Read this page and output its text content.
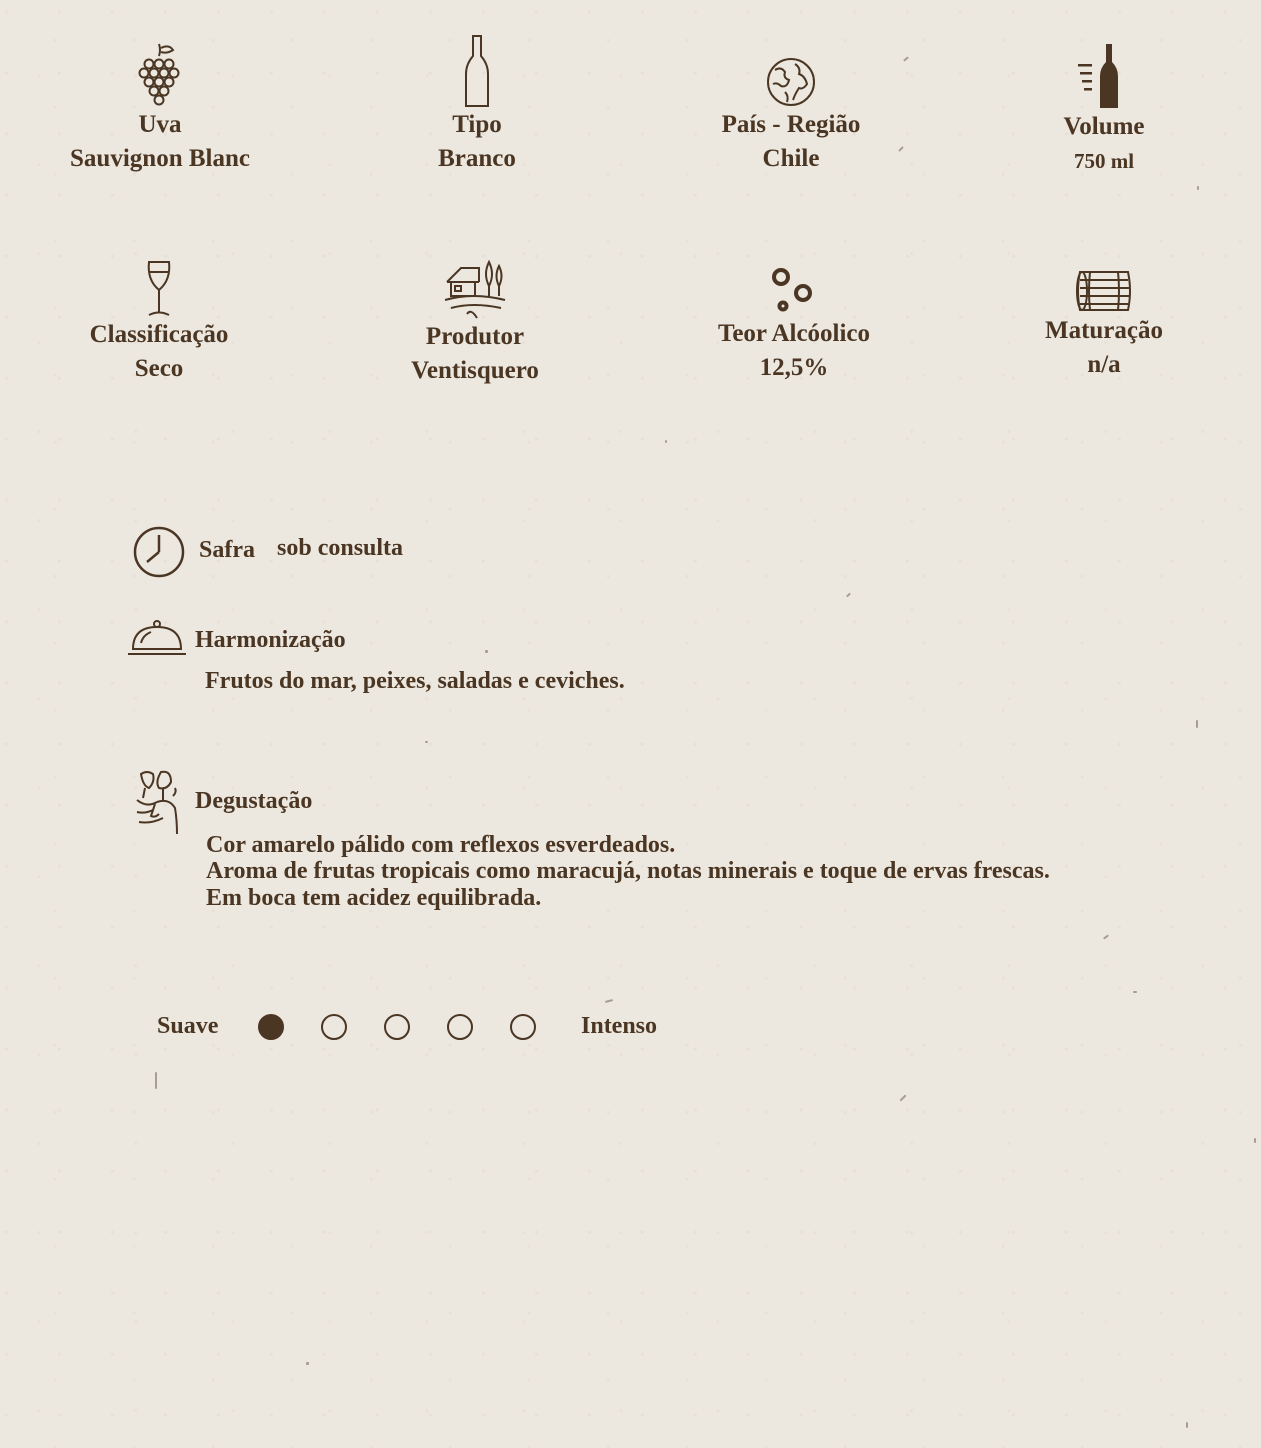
Uva
Sauvignon Blanc
Tipo
Branco
País - Região
Chile
Volume
750 ml
Classificação
Seco
Produtor
Ventisquero
Teor Alcóolico
12,5%
Maturação
n/a
Safra sob consulta
Harmonização
Frutos do mar, peixes, saladas e ceviches.
Degustação
Cor amarelo pálido com reflexos esverdeados.
Aroma de frutas tropicais como maracujá, notas minerais e toque de ervas frescas.
Em boca tem acidez equilibrada.
Suave	Intenso
